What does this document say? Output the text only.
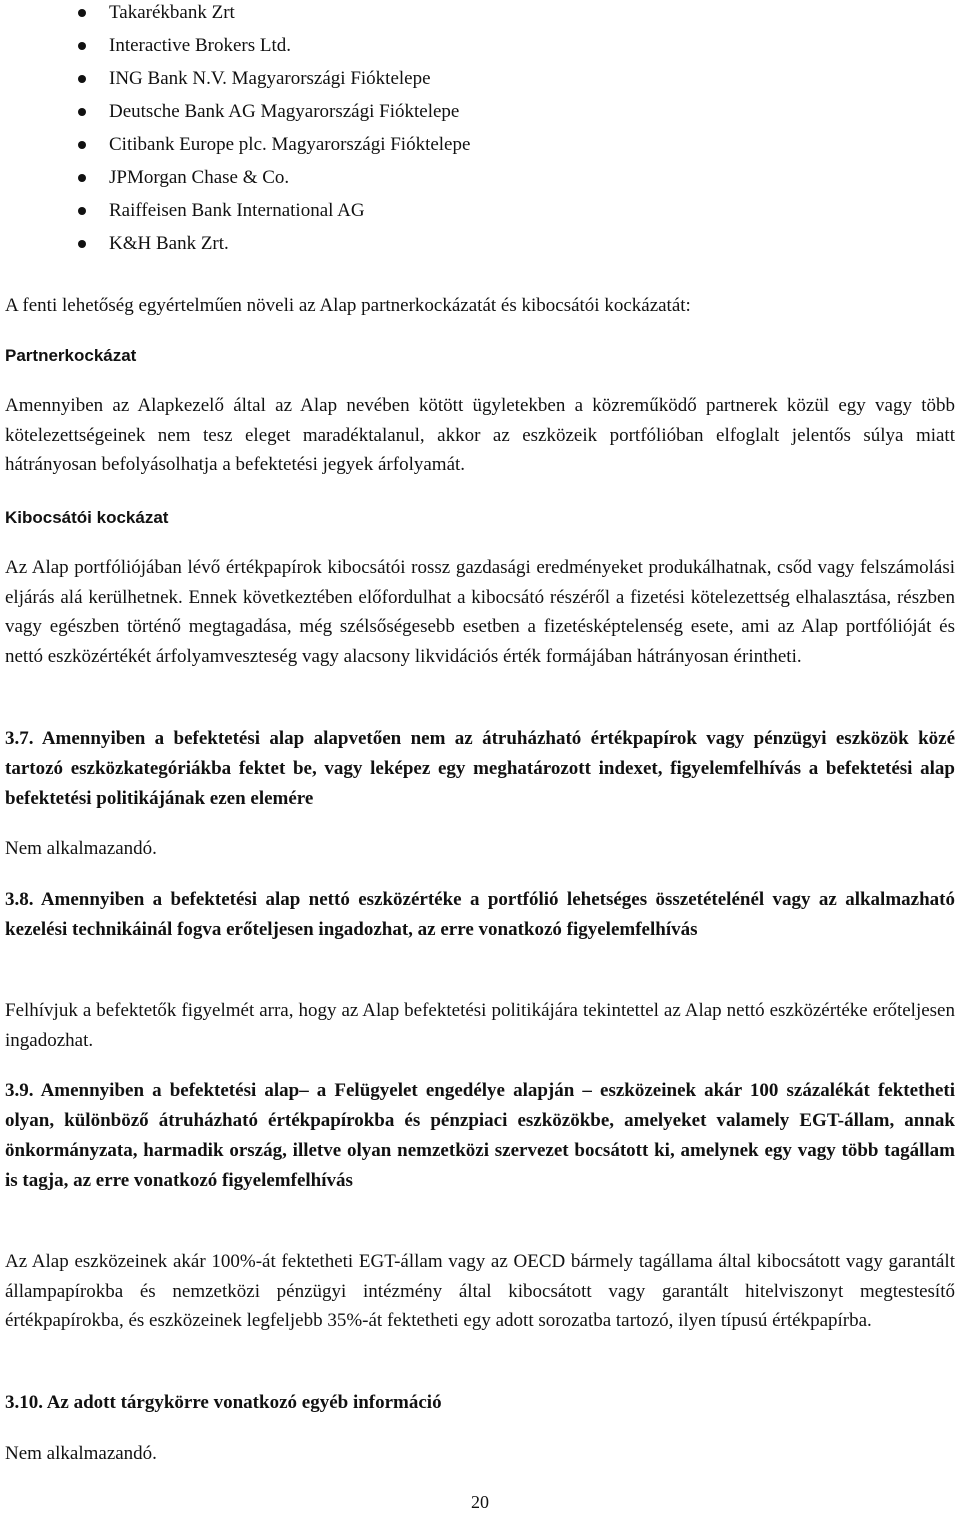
Takarékbank Zrt
Interactive Brokers Ltd.
ING Bank N.V. Magyarországi Fióktelepe
Deutsche Bank AG Magyarországi Fióktelepe
Citibank Europe plc. Magyarországi Fióktelepe
JPMorgan Chase & Co.
Raiffeisen Bank International AG
K&H Bank Zrt.

A fenti lehetőség egyértelműen növeli az Alap partnerkockázatát és kibocsátói kockázatát:

Partnerkockázat

Amennyiben az Alapkezelő által az Alap nevében kötött ügyletekben a közreműködő partnerek közül egy vagy több kötelezettségeinek nem tesz eleget maradéktalanul, akkor az eszközeik portfólióban elfoglalt jelentős súlya miatt hátrányosan befolyásolhatja a befektetési jegyek árfolyamát.

Kibocsátói kockázat

Az Alap portfóliójában lévő értékpapírok kibocsátói rossz gazdasági eredményeket produkálhatnak, csőd vagy felszámolási eljárás alá kerülhetnek. Ennek következtében előfordulhat a kibocsátó részéről a fizetési kötelezettség elhalasztása, részben vagy egészben történő megtagadása, még szélsőségesebb esetben a fizetésképtelenség esete, ami az Alap portfólióját és nettó eszközértékét árfolyamveszteség vagy alacsony likvidációs érték formájában hátrányosan érintheti.

3.7. Amennyiben a befektetési alap alapvetően nem az átruházható értékpapírok vagy pénzügyi eszközök közé tartozó eszközkategóriákba fektet be, vagy leképez egy meghatározott indexet, figyelemfelhívás a befektetési alap befektetési politikájának ezen elemére

Nem alkalmazandó.

3.8. Amennyiben a befektetési alap nettó eszközértéke a portfólió lehetséges összetételénél vagy az alkalmazható kezelési technikáinál fogva erőteljesen ingadozhat, az erre vonatkozó figyelemfelhívás

Felhívjuk a befektetők figyelmét arra, hogy az Alap befektetési politikájára tekintettel az Alap nettó eszközértéke erőteljesen ingadozhat.

3.9. Amennyiben a befektetési alap– a Felügyelet engedélye alapján – eszközeinek akár 100 százalékát fektetheti olyan, különböző átruházható értékpapírokba és pénzpiaci eszközökbe, amelyeket valamely EGT-állam, annak önkormányzata, harmadik ország, illetve olyan nemzetközi szervezet bocsátott ki, amelynek egy vagy több tagállam is tagja, az erre vonatkozó figyelemfelhívás

Az Alap eszközeinek akár 100%-át fektetheti EGT-állam vagy az OECD bármely tagállama által kibocsátott vagy garantált állampapírokba és nemzetközi pénzügyi intézmény által kibocsátott vagy garantált hitelviszonyt megtestesítő értékpapírokba, és eszközeinek legfeljebb 35%-át fektetheti egy adott sorozatba tartozó, ilyen típusú értékpapírba.

3.10. Az adott tárgykörre vonatkozó egyéb információ

Nem alkalmazandó.

20
